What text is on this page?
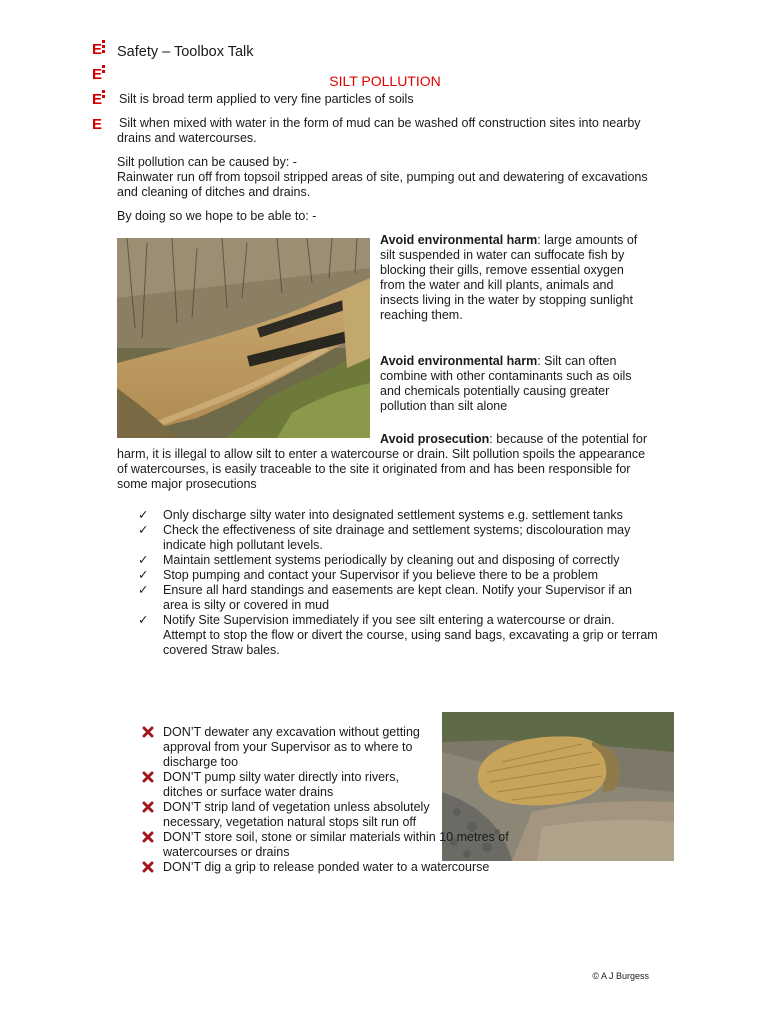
E
E
E
E
Safety – Toolbox Talk
SILT POLLUTION

Silt is broad term applied to very fine particles of soils

Silt when mixed with water in the form of mud can be washed off construction sites into nearby drains and watercourses.

Silt pollution can be caused by: -

Rainwater run off from topsoil stripped areas of site, pumping out and dewatering of excavations and cleaning of ditches and drains.

By doing so we hope to be able to: -

Avoid environmental harm: large amounts of silt suspended in water can suffocate fish by blocking their gills, remove essential oxygen from the water and kill plants, animals and insects living in the water by stopping sunlight reaching them.

Avoid environmental harm: Silt can often combine with other contaminants such as oils and chemicals potentially causing greater pollution than silt alone

Avoid prosecution: because of the potential for harm, it is illegal to allow silt to enter a watercourse or drain. Silt pollution spoils the appearance of watercourses, is easily traceable to the site it originated from and has been responsible for some major prosecutions

✓ Only discharge silty water into designated settlement systems e.g. settlement tanks
✓ Check the effectiveness of site drainage and settlement systems; discolouration may indicate high pollutant levels.
✓ Maintain settlement systems periodically by cleaning out and disposing of correctly
✓ Stop pumping and contact your Supervisor if you believe there to be a problem
✓ Ensure all hard standings and easements are kept clean. Notify your Supervisor if an area is silty or covered in mud
✓ Notify Site Supervision immediately if you see silt entering a watercourse or drain. Attempt to stop the flow or divert the course, using sand bags, excavating a grip or terram covered Straw bales.
DON’T dewater any excavation without getting approval from your Supervisor as to where to discharge too
DON’T pump silty water directly into rivers, ditches or surface water drains
DON’T strip land of vegetation unless absolutely necessary, vegetation natural stops silt run off
DON’T store soil, stone or similar materials within 10 metres of watercourses or drains
DON’T dig a grip to release ponded water to a watercourse
© A J Burgess
